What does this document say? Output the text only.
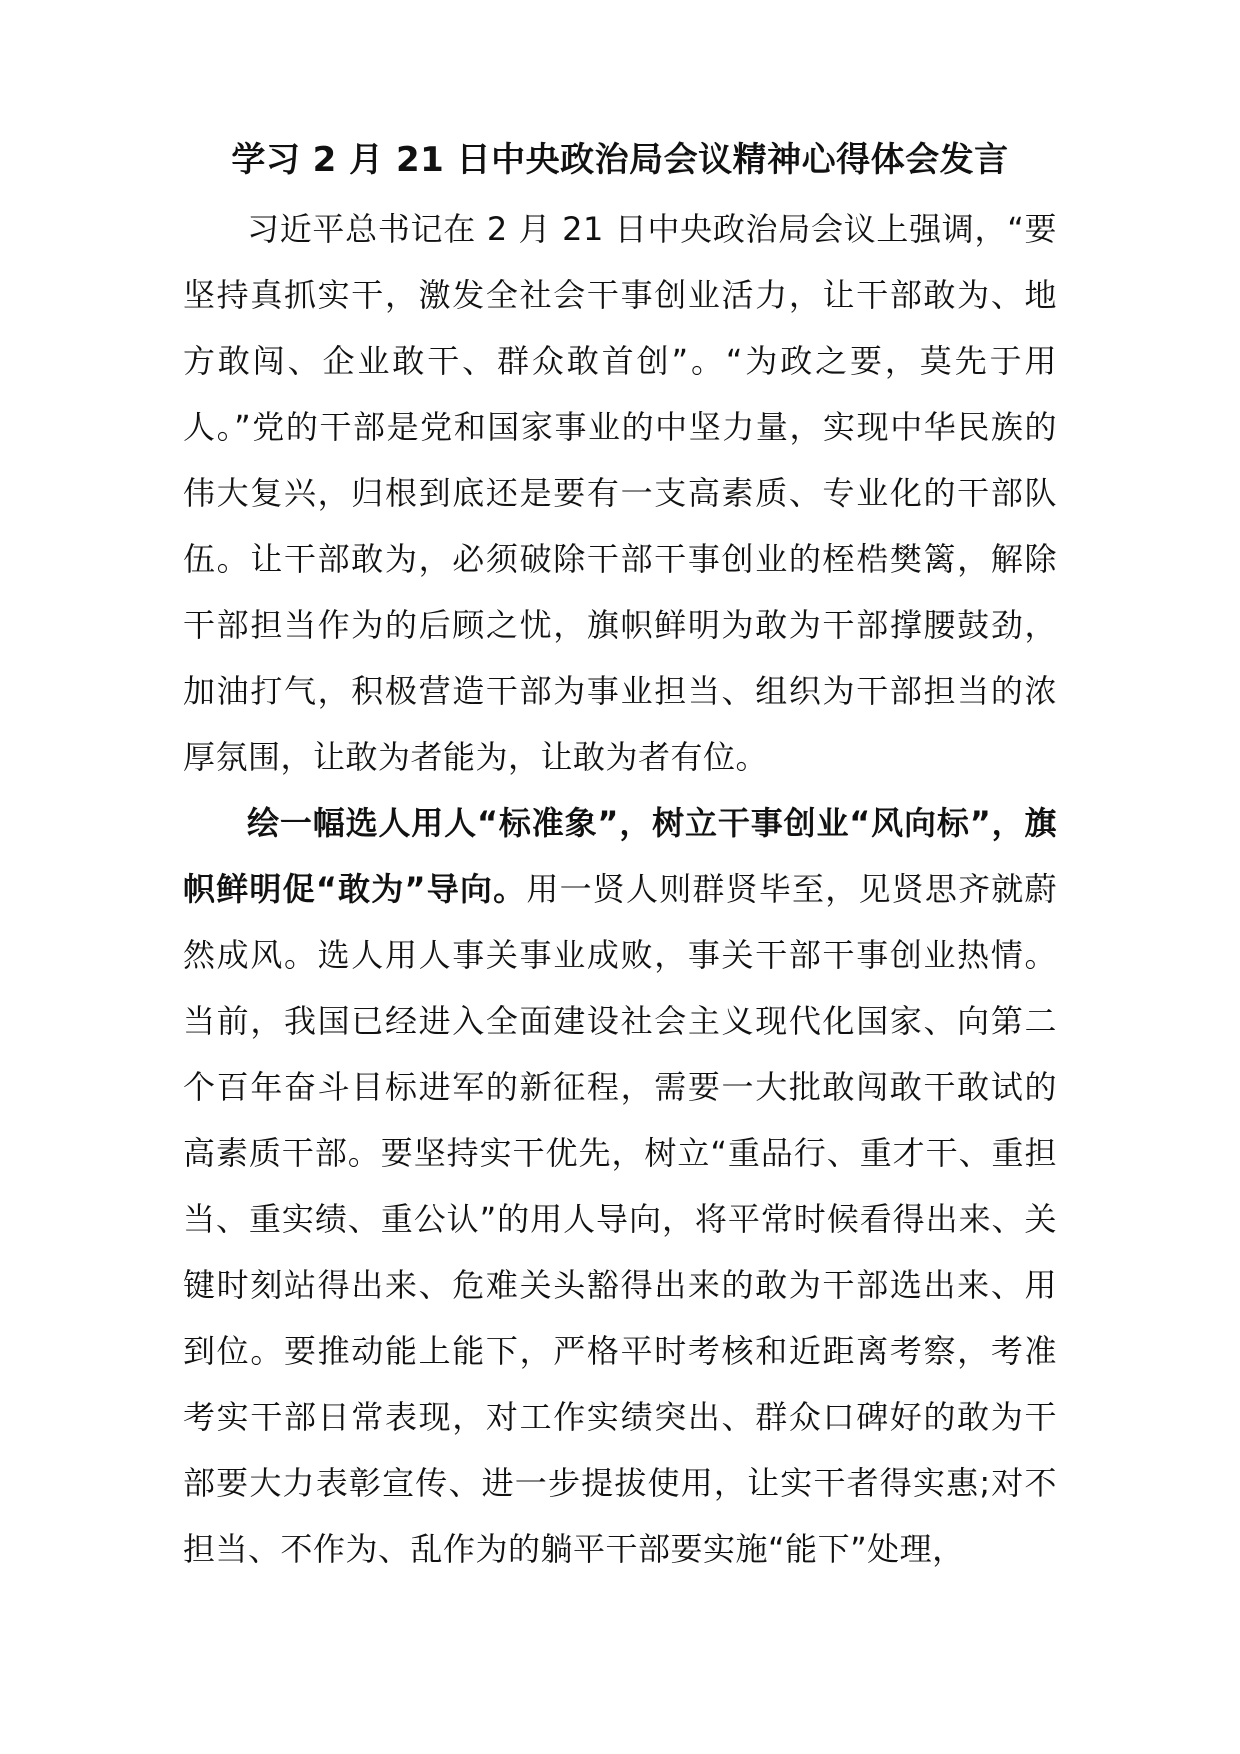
学习 2 月 21 日中央政治局会议精神心得体会发言

习近平总书记在 2 月 21 日中央政治局会议上强调，“要坚持真抓实干，激发全社会干事创业活力，让干部敢为、地方敢闯、企业敢干、群众敢首创”。“为政之要，莫先于用人。”党的干部是党和国家事业的中坚力量，实现中华民族的伟大复兴，归根到底还是要有一支高素质、专业化的干部队伍。让干部敢为，必须破除干部干事创业的桎梏樊篱，解除干部担当作为的后顾之忧，旗帜鲜明为敢为干部撑腰鼓劲，加油打气，积极营造干部为事业担当、组织为干部担当的浓厚氛围，让敢为者能为，让敢为者有位。

绘一幅选人用人“标准象”，树立干事创业“风向标”，旗帜鲜明促“敢为”导向。用一贤人则群贤毕至，见贤思齐就蔚然成风。选人用人事关事业成败，事关干部干事创业热情。当前，我国已经进入全面建设社会主义现代化国家、向第二个百年奋斗目标进军的新征程，需要一大批敢闯敢干敢试的高素质干部。要坚持实干优先，树立“重品行、重才干、重担当、重实绩、重公认”的用人导向，将平常时候看得出来、关键时刻站得出来、危难关头豁得出来的敢为干部选出来、用到位。要推动能上能下，严格平时考核和近距离考察，考准考实干部日常表现，对工作实绩突出、群众口碑好的敢为干部要大力表彰宣传、进一步提拔使用，让实干者得实惠;对不担当、不作为、乱作为的躺平干部要实施“能下”处理，
